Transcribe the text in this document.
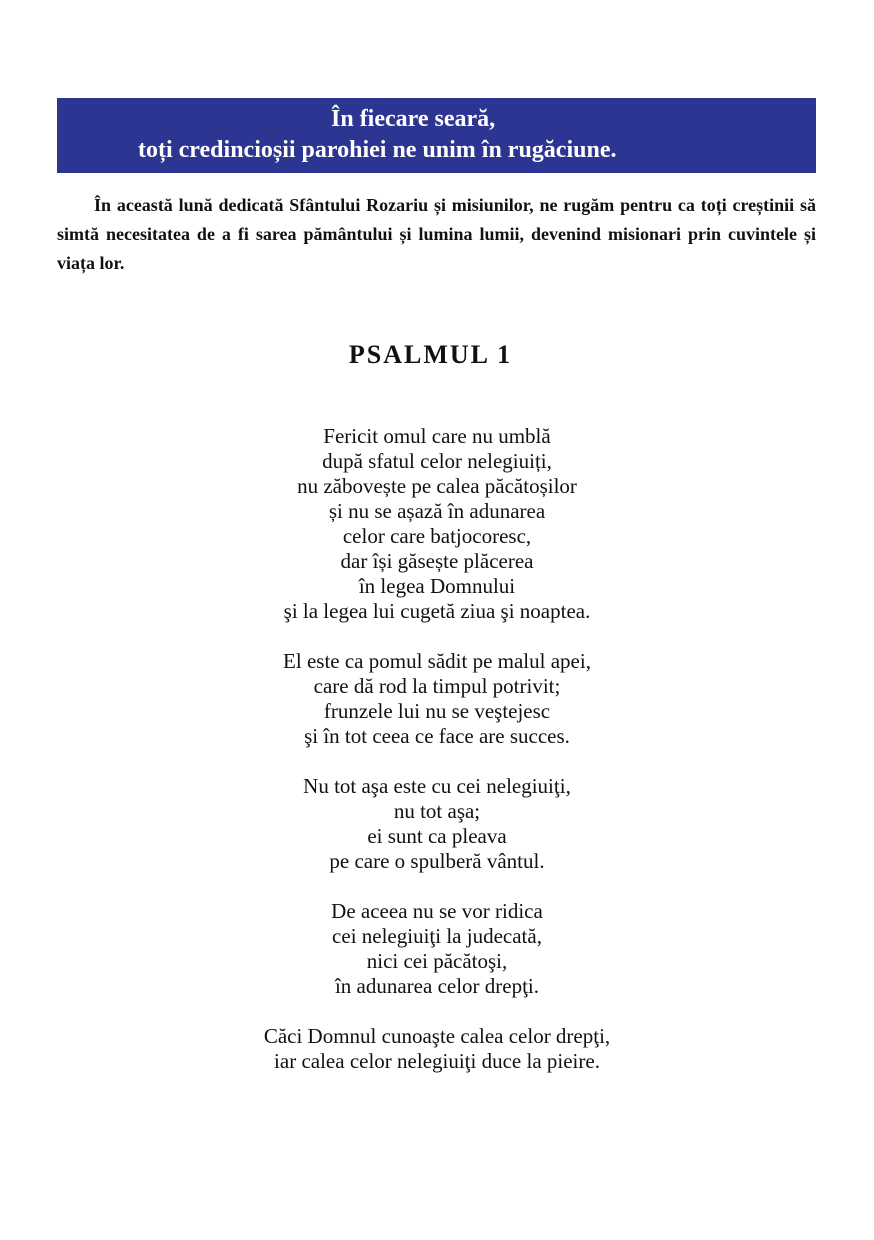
În fiecare seară,
toți credincioșii parohiei ne unim în rugăciune.

În această lună dedicată Sfântului Rozariu și misiunilor, ne rugăm pentru ca toți creștinii să simtă necesitatea de a fi sarea pământului și lumina lumii, devenind misionari prin cuvintele și viața lor.

PSALMUL 1
Fericit omul care nu umblă
după sfatul celor nelegiuiți,
nu zăbovește pe calea păcătoșilor
și nu se așază în adunarea
celor care batjocoresc,
dar își găsește plăcerea
în legea Domnului
şi la legea lui cugetă ziua şi noaptea.
El este ca pomul sădit pe malul apei,
care dă rod la timpul potrivit;
frunzele lui nu se veştejesc
şi în tot ceea ce face are succes.
Nu tot aşa este cu cei nelegiuiţi,
nu tot aşa;
ei sunt ca pleava
pe care o spulberă vântul.
De aceea nu se vor ridica
cei nelegiuiţi la judecată,
nici cei păcătoşi,
în adunarea celor drepţi.
Căci Domnul cunoaşte calea celor drepţi,
iar calea celor nelegiuiţi duce la pieire.
